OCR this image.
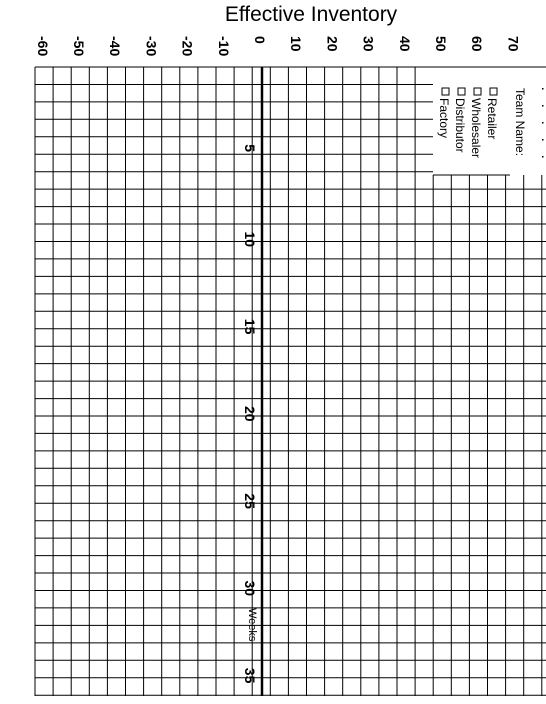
Effective Inventory
-60 -50 -40 -30 -20 -10 0 10 20 30 40 50 60 70
5
10
15
20
25
30
35
Team Name:
Retailer
Wholesaler
Distributor
Factory
Weeks
